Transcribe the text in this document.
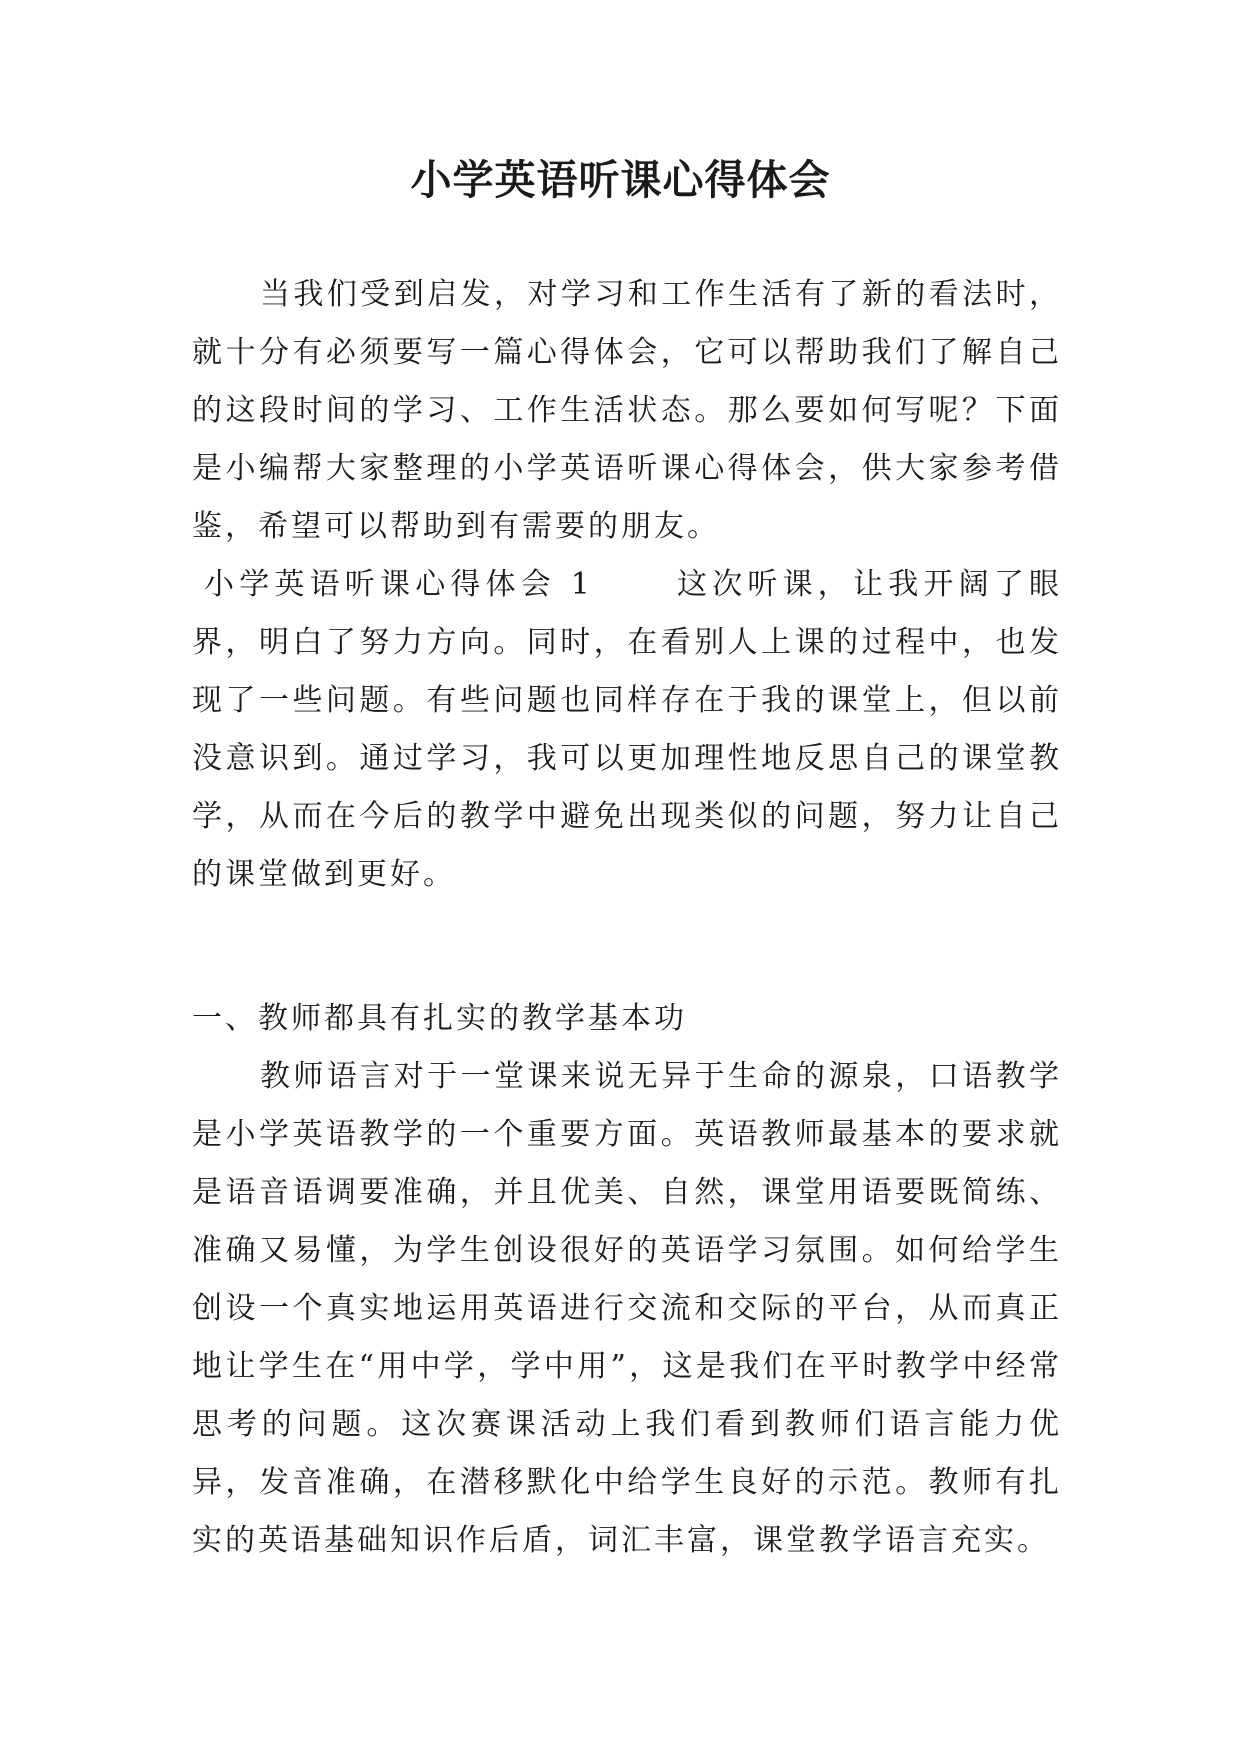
小学英语听课心得体会

当我们受到启发，对学习和工作生活有了新的看法时，就十分有必须要写一篇心得体会，它可以帮助我们了解自己的这段时间的学习、工作生活状态。那么要如何写呢？下面是小编帮大家整理的小学英语听课心得体会，供大家参考借鉴，希望可以帮助到有需要的朋友。

小学英语听课心得体会 1	这次听课，让我开阔了眼界，明白了努力方向。同时，在看别人上课的过程中，也发现了一些问题。有些问题也同样存在于我的课堂上，但以前没意识到。通过学习，我可以更加理性地反思自己的课堂教学，从而在今后的教学中避免出现类似的问题，努力让自己的课堂做到更好。

一、教师都具有扎实的教学基本功

教师语言对于一堂课来说无异于生命的源泉，口语教学是小学英语教学的一个重要方面。英语教师最基本的要求就是语音语调要准确，并且优美、自然，课堂用语要既简练、准确又易懂，为学生创设很好的英语学习氛围。如何给学生创设一个真实地运用英语进行交流和交际的平台，从而真正地让学生在“用中学，学中用”，这是我们在平时教学中经常思考的问题。这次赛课活动上我们看到教师们语言能力优异，发音准确，在潜移默化中给学生良好的示范。教师有扎实的英语基础知识作后盾，词汇丰富，课堂教学语言充实。
